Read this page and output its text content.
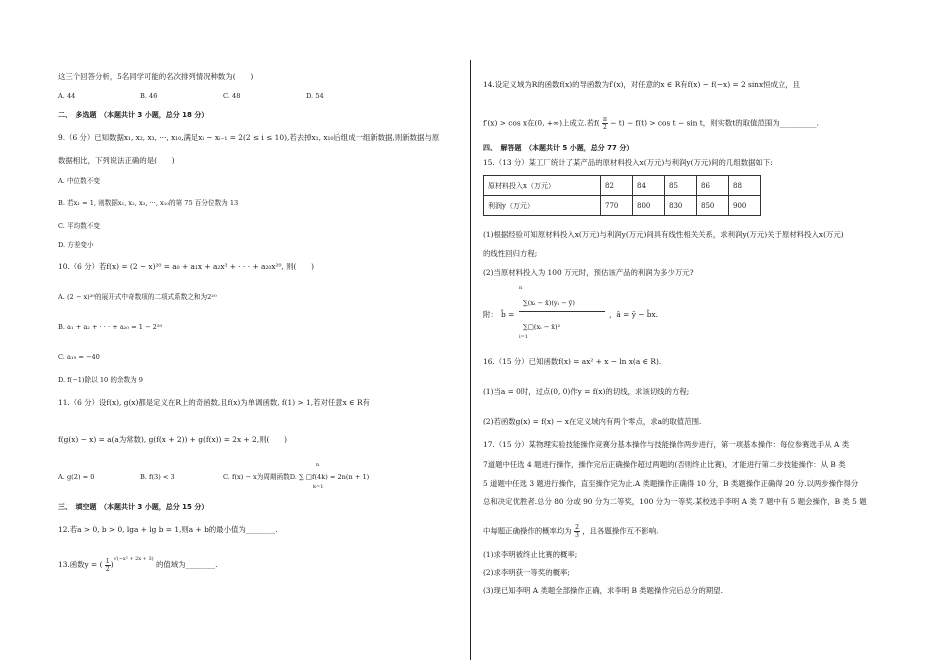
这三个回答分析，5名同学可能的名次排列情况种数为(　　)
A. 44	B. 46	C. 48	D. 54
二、　多选题　（本题共计 3 小题，总分 18 分）
9.（6 分）已知数据x₁, x₂, x₃, ···, x₁₀,满足xᵢ − xᵢ₋₁ = 2(2 ≤ i ≤ 10),若去掉x₁, x₁₀后组成一组新数据,则新数据与原
数据相比，下列说法正确的是(　　)
A. 中位数不变
B. 若x₁ = 1, 则数据x₁, x₂, x₃, ···, x₁₀的第 75 百分位数为 13
C. 平均数不变
D. 方差变小
10.（6 分）若f(x) = (2 − x)²⁰ = a₀ + a₁x + a₂x² + · · · + a₂₀x²⁰, 则(　　)
A. (2 − x)²⁰的展开式中奇数项的二项式系数之和为2²⁰
B. a₁ + a₂ + · · · + a₂₀ = 1 − 2²⁰
C. a₁₉ = −40
D. f(−1)除以 10 的余数为 9
11.（6 分）设f(x), g(x)都是定义在R上的奇函数,且f(x)为单调函数, f(1) > 1,若对任意x ∈ R有
f(g(x) − x) = a(a为常数), g(f(x + 2)) + g(f(x)) = 2x + 2,则(　　)
A. g(2) = 0	B. f(3) < 3	C. f(x) − x为周期函数D. ∑ □f(4k) = 2n(n + 1)
n
k=1
三、　填空题　（本题共计 3 小题，总分 15 分）
12.若a > 0, b > 0, lga + lg b = 1,则a + b的最小值为________.
13.函数y = ( $\frac{1}{2} )^{√(-x^2 + 2x + 3)}$ 的值域为________.
14.设定义域为R的函数f(x)的导函数为f′(x)，对任意的x ∈ R有f(x) − f(−x) = 2 sinx恒成立，且
f′(x) > cos x在(0, +∞)上成立.若$f( \frac{\pi}{2} - t) - f(t) > \cos t - \sin t$，则实数t的取值范围为__________.
四、　解答题　（本题共计 5 小题，总分 77 分）
15.（13 分）某工厂统计了某产品的原材料投入x(万元)与利润y(万元)间的几组数据如下:
原材料投入x（万元）	82	84	85	86	88
利润y（万元）	770	800	830	850	900
(1)根据经验可知原材料投入x(万元)与利润y(万元)间具有线性相关关系，求利润y(万元)关于原材料投入x(万元)
的线性回归方程;
(2)当原材料投入为 100 万元时，预估该产品的利润为多少万元?
附： b̂ =
n
∑(xᵢ − x̄)(yᵢ − ȳ)
∑□(xᵢ − x̄)²
i=1
，â = ȳ − b̂x.
16.（15 分）已知函数f(x) = ax² + x − ln x(a ∈ R).
(1)当a = 0时，过点(0, 0)作y = f(x)的切线，求该切线的方程;
(2)若函数g(x) = f(x) − x在定义域内有两个零点，求a的取值范围.
17.（15 分）某物理实验技能操作竞赛分基本操作与技能操作两步进行，第一项基本操作：每位参赛选手从 A 类
7道题中任选 4 题进行操作，操作完后正确操作超过两题的(否则终止比赛)，才能进行第二步技能操作：从 B 类
5 道题中任选 3 题进行操作，直至操作完为止.A 类题操作正确得 10 分，B 类题操作正确得 20 分.以两步操作得分
总和决定优胜者.总分 80 分或 90 分为二等奖，100 分为一等奖.某校选手李明 A 类 7 题中有 5 题会操作，B 类 5 题
中每题正确操作的概率均为 $\frac{2}{3}$ ，且各题操作互不影响.
(1)求李明被终止比赛的概率;
(2)求李明获一等奖的概率;
(3)现已知李明 A 类题全部操作正确，求李明 B 类题操作完后总分的期望.
